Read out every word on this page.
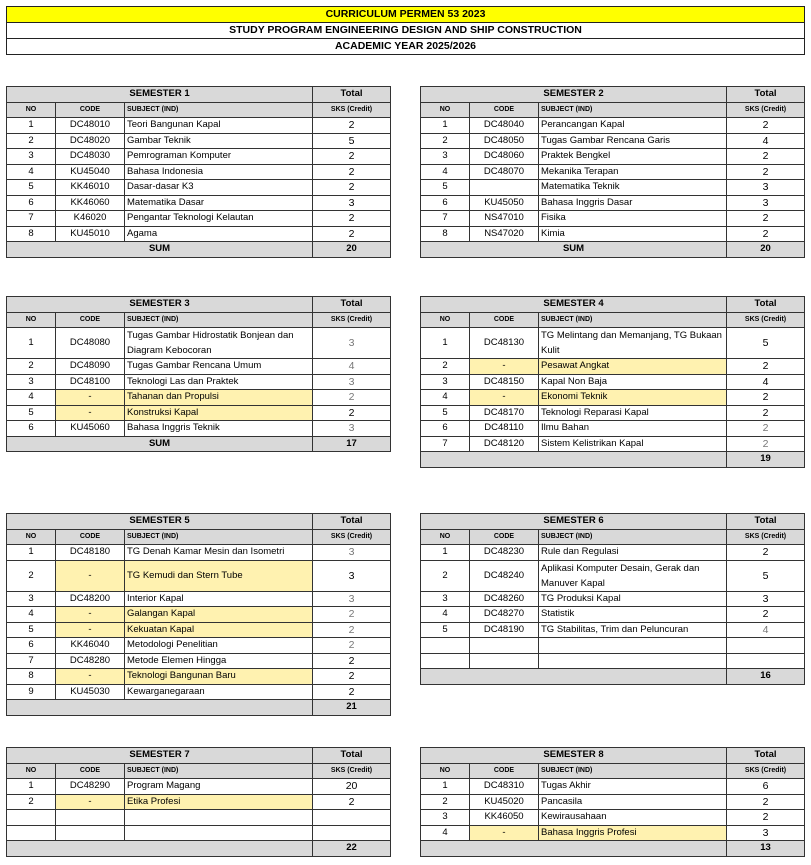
CURRICULUM PERMEN 53 2023
STUDY PROGRAM ENGINEERING DESIGN AND SHIP CONSTRUCTION
ACADEMIC YEAR 2025/2026
SEMESTER 1			Total
NO	CODE	SUBJECT (IND)	SKS (Credit)
1	DC48010	Teori Bangunan Kapal	2
2	DC48020	Gambar Teknik	5
3	DC48030	Pemrograman Komputer	2
4	KU45040	Bahasa Indonesia	2
5	KK46010	Dasar-dasar K3	2
6	KK46060	Matematika Dasar	3
7	K46020	Pengantar Teknologi Kelautan	2
8	KU45010	Agama	2
SUM			20
SEMESTER 2			Total
NO	CODE	SUBJECT (IND)	SKS (Credit)
1	DC48040	Perancangan Kapal	2
2	DC48050	Tugas Gambar Rencana Garis	4
3	DC48060	Praktek Bengkel	2
4	DC48070	Mekanika Terapan	2
5		Matematika Teknik	3
6	KU45050	Bahasa Inggris Dasar	3
7	NS47010	Fisika	2
8	NS47020	Kimia	2
SUM			20
SEMESTER 3			Total
NO	CODE	SUBJECT (IND)	SKS (Credit)
1	DC48080	Tugas Gambar Hidrostatik Bonjean dan Diagram Kebocoran	3
2	DC48090	Tugas Gambar Rencana Umum	4
3	DC48100	Teknologi Las dan Praktek	3
4	-	Tahanan dan Propulsi	2
5	-	Konstruksi Kapal	2
6	KU45060	Bahasa Inggris Teknik	3
SUM			17
SEMESTER 4			Total
NO	CODE	SUBJECT (IND)	SKS (Credit)
1	DC48130	TG Melintang dan Memanjang, TG Bukaan Kulit	5
2	-	Pesawat Angkat	2
3	DC48150	Kapal Non Baja	4
4	-	Ekonomi Teknik	2
5	DC48170	Teknologi Reparasi Kapal	2
6	DC48110	Ilmu Bahan	2
7	DC48120	Sistem Kelistrikan Kapal	2
			19
SEMESTER 5			Total
NO	CODE	SUBJECT (IND)	SKS (Credit)
1	DC48180	TG Denah Kamar Mesin dan Isometri	3
2	-	TG Kemudi dan Stern Tube	3
3	DC48200	Interior Kapal	3
4	-	Galangan Kapal	2
5	-	Kekuatan Kapal	2
6	KK46040	Metodologi Penelitian	2
7	DC48280	Metode Elemen Hingga	2
8	-	Teknologi Bangunan Baru	2
9	KU45030	Kewarganegaraan	2
			21
SEMESTER 6			Total
NO	CODE	SUBJECT (IND)	SKS (Credit)
1	DC48230	Rule dan Regulasi	2
2	DC48240	Aplikasi Komputer Desain, Gerak dan Manuver Kapal	5
3	DC48260	TG Produksi Kapal	3
4	DC48270	Statistik	2
5	DC48190	TG Stabilitas, Trim dan Peluncuran	4

			16
SEMESTER 7			Total
NO	CODE	SUBJECT (IND)	SKS (Credit)
1	DC48290	Program Magang	20
2	-	Etika Profesi	2

			22
SEMESTER 8			Total
NO	CODE	SUBJECT (IND)	SKS (Credit)
1	DC48310	Tugas Akhir	6
2	KU45020	Pancasila	2
3	KK46050	Kewirausahaan	2
4	-	Bahasa Inggris Profesi	3
			13
